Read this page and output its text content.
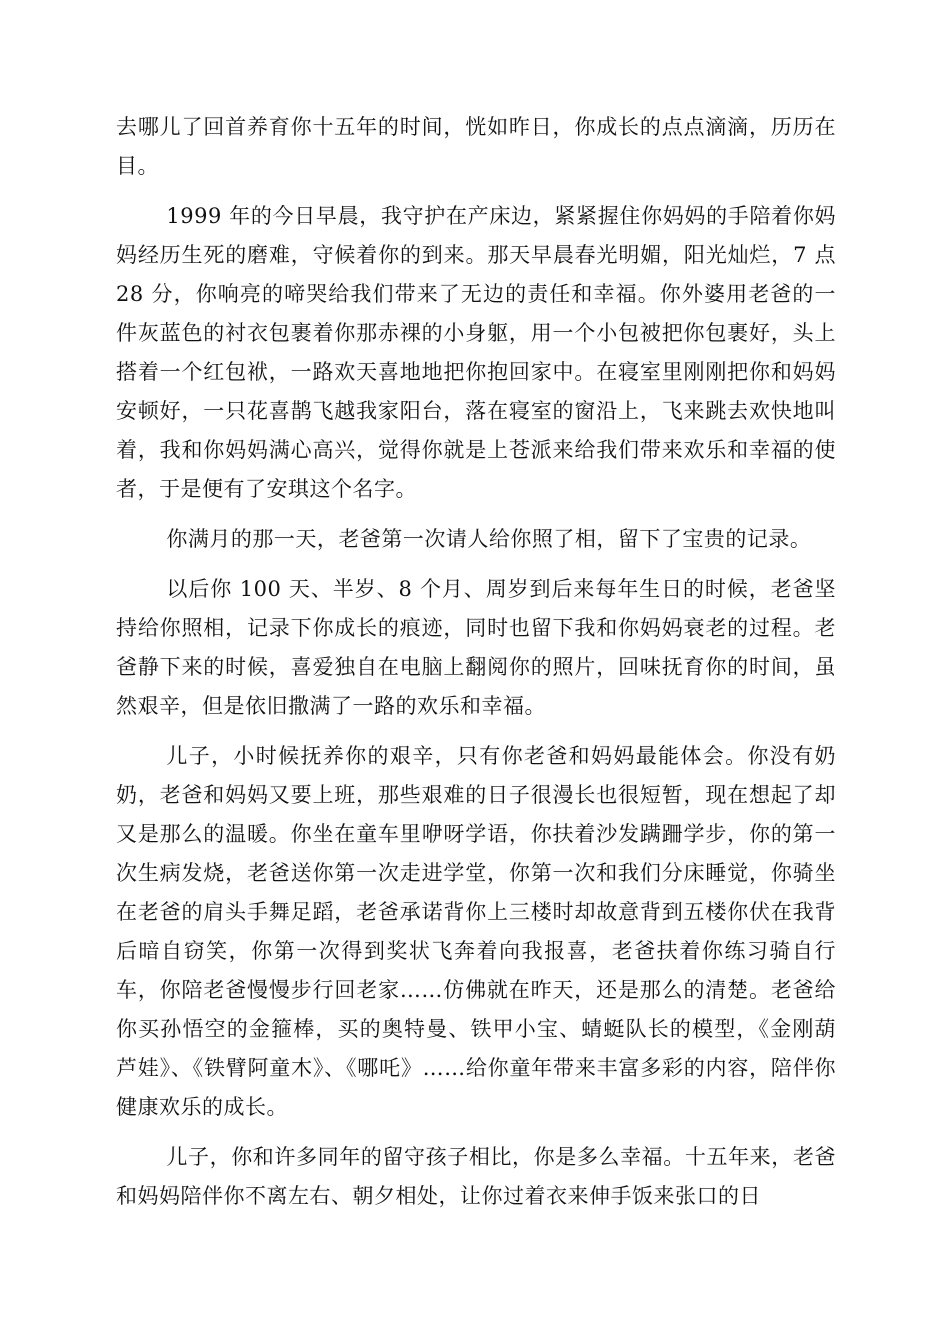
去哪儿了回首养育你十五年的时间，恍如昨日，你成长的点点滴滴，历历在目。

1999 年的今日早晨，我守护在产床边，紧紧握住你妈妈的手陪着你妈妈经历生死的磨难，守候着你的到来。那天早晨春光明媚，阳光灿烂，7 点 28 分，你响亮的啼哭给我们带来了无边的责任和幸福。你外婆用老爸的一件灰蓝色的衬衣包裹着你那赤裸的小身躯，用一个小包被把你包裹好，头上搭着一个红包袱，一路欢天喜地地把你抱回家中。在寝室里刚刚把你和妈妈安顿好，一只花喜鹊飞越我家阳台，落在寝室的窗沿上，飞来跳去欢快地叫着，我和你妈妈满心高兴，觉得你就是上苍派来给我们带来欢乐和幸福的使者，于是便有了安琪这个名字。

你满月的那一天，老爸第一次请人给你照了相，留下了宝贵的记录。

以后你 100 天、半岁、8 个月、周岁到后来每年生日的时候，老爸坚持给你照相，记录下你成长的痕迹，同时也留下我和你妈妈衰老的过程。老爸静下来的时候，喜爱独自在电脑上翻阅你的照片，回味抚育你的时间，虽然艰辛，但是依旧撒满了一路的欢乐和幸福。

儿子，小时候抚养你的艰辛，只有你老爸和妈妈最能体会。你没有奶奶，老爸和妈妈又要上班，那些艰难的日子很漫长也很短暂，现在想起了却又是那么的温暖。你坐在童车里咿呀学语，你扶着沙发蹒跚学步，你的第一次生病发烧，老爸送你第一次走进学堂，你第一次和我们分床睡觉，你骑坐在老爸的肩头手舞足蹈，老爸承诺背你上三楼时却故意背到五楼你伏在我背后暗自窃笑，你第一次得到奖状飞奔着向我报喜，老爸扶着你练习骑自行车，你陪老爸慢慢步行回老家……仿佛就在昨天，还是那么的清楚。老爸给你买孙悟空的金箍棒，买的奥特曼、铁甲小宝、蜻蜓队长的模型，《金刚葫芦娃》、《铁臂阿童木》、《哪吒》……给你童年带来丰富多彩的内容，陪伴你健康欢乐的成长。

儿子，你和许多同年的留守孩子相比，你是多么幸福。十五年来，老爸和妈妈陪伴你不离左右、朝夕相处，让你过着衣来伸手饭来张口的日
